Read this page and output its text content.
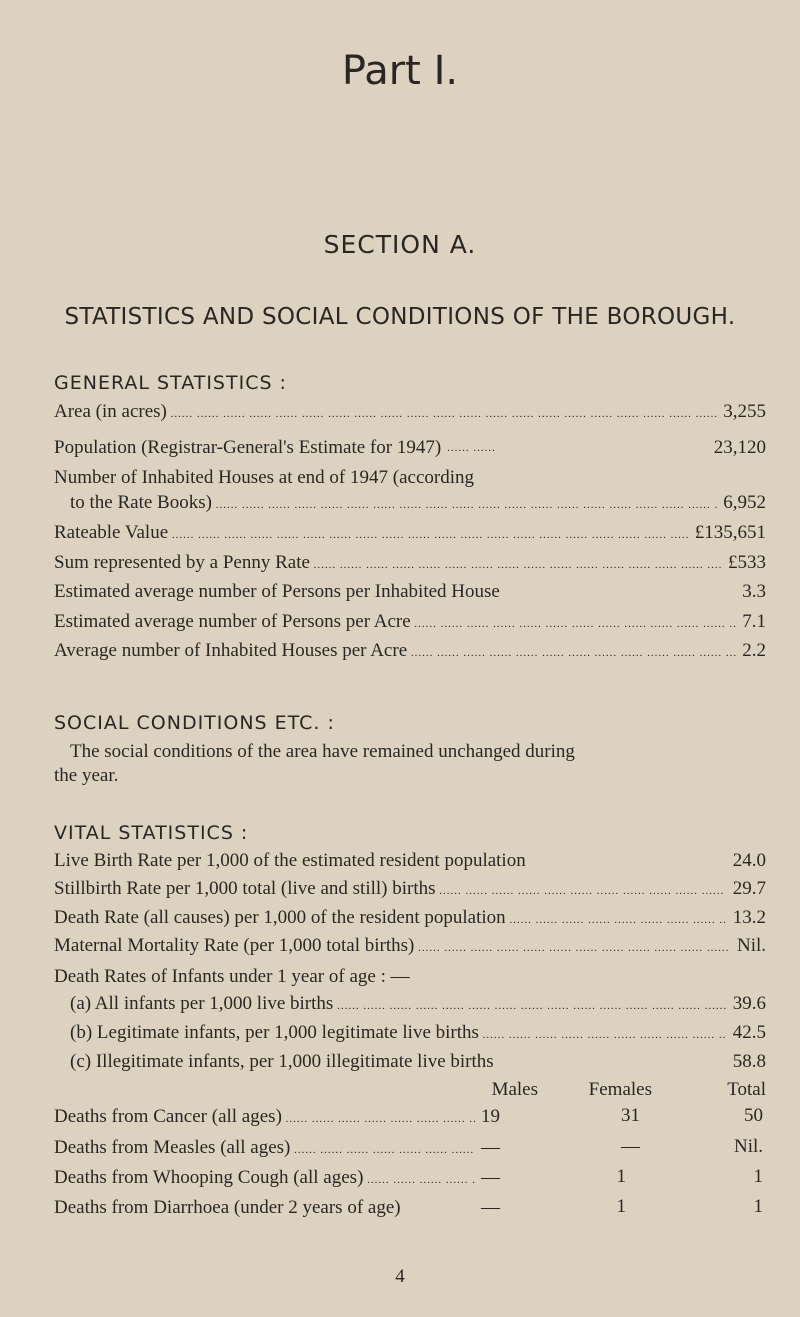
Part I.
SECTION A.
STATISTICS AND SOCIAL CONDITIONS OF THE BOROUGH.
GENERAL STATISTICS :
Area (in acres) .....	3,255
Population (Registrar-General's Estimate for 1947) ...... ......	23,120
Number of Inhabited Houses at end of 1947 (according
to the Rate Books) .....	6,952
Rateable Value .....	£135,651
Sum represented by a Penny Rate .....	£533
Estimated average number of Persons per Inhabited House	3.3
Estimated average number of Persons per Acre .....	7.1
Average number of Inhabited Houses per Acre .....	2.2
SOCIAL CONDITIONS ETC. :
The social conditions of the area have remained unchanged during
the year.
VITAL STATISTICS :
Live Birth Rate per 1,000 of the estimated resident population	24.0
Stillbirth Rate per 1,000 total (live and still) births .....	29.7
Death Rate (all causes) per 1,000 of the resident population .....	13.2
Maternal Mortality Rate (per 1,000 total births) .....	Nil.
Death Rates of Infants under 1 year of age : —
(a) All infants per 1,000 live births .....	39.6
(b) Legitimate infants, per 1,000 legitimate live births .....	42.5
(c) Illegitimate infants, per 1,000 illegitimate live births	58.8
Males	Females	Total
Deaths from Cancer (all ages) .....	19	31	50
Deaths from Measles (all ages) .....	—	—	Nil.
Deaths from Whooping Cough (all ages) .....	—	1	1
Deaths from Diarrhoea (under 2 years of age)	—	1	1
4
